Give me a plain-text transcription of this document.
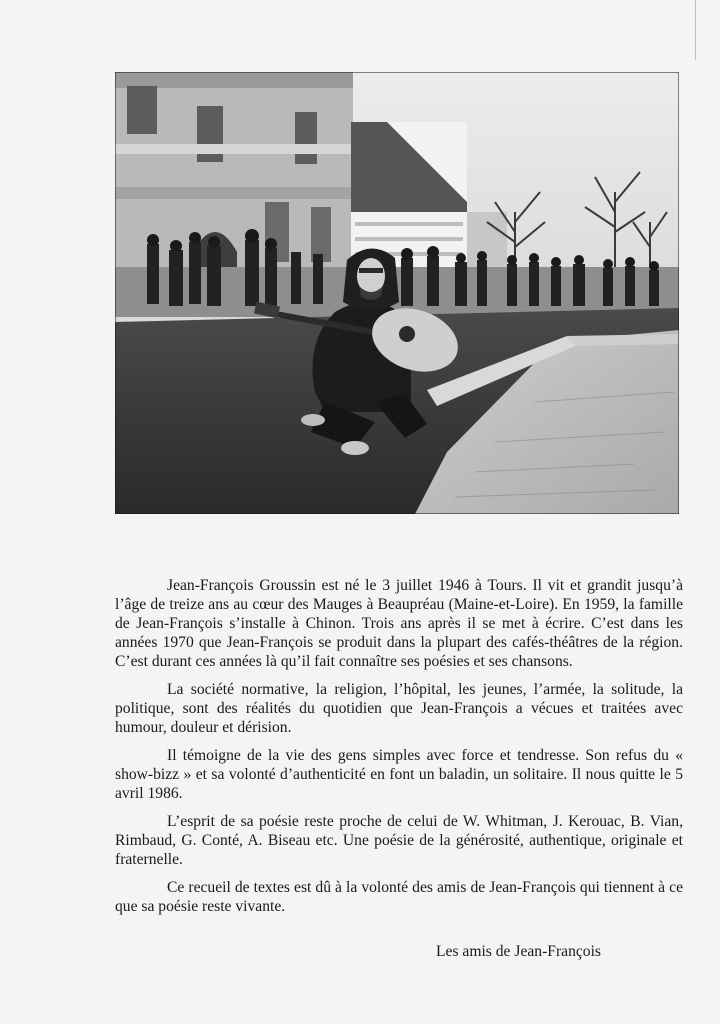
Jean-François Groussin est né le 3 juillet 1946 à Tours. Il vit et grandit jusqu’à l’âge de treize ans au cœur des Mauges à Beaupréau (Maine-et-Loire). En 1959, la famille de Jean-François s’installe à Chinon. Trois ans après il se met à écrire. C’est dans les années 1970 que Jean-François se produit dans la plupart des cafés-théâtres de la région. C’est durant ces années là qu’il fait connaître ses poésies et ses chansons.

La société normative, la religion, l’hôpital, les jeunes, l’armée, la solitude, la politique, sont des réalités du quotidien que Jean-François a vécues et traitées avec humour, douleur et dérision.

Il témoigne de la vie des gens simples avec force et tendresse. Son refus du « show-bizz » et sa volonté d’authenticité en font un baladin, un solitaire. Il nous quitte le 5 avril 1986.

L’esprit de sa poésie reste proche de celui de W. Whitman, J. Kerouac, B. Vian, Rimbaud, G. Conté, A. Biseau etc. Une poésie de la générosité, authentique, originale et fraternelle.

Ce recueil de textes est dû à la volonté des amis de Jean-François qui tiennent à ce que sa poésie reste vivante.

Les amis de Jean-François
